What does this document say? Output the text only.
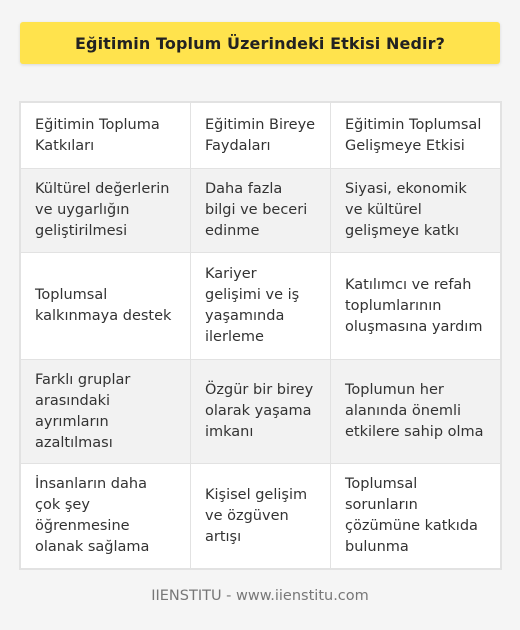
Eğitimin Toplum Üzerindeki Etkisi Nedir?
Eğitimin Topluma Katkıları	Eğitimin Bireye Faydaları	Eğitimin Toplumsal Gelişmeye Etkisi
Kültürel değerlerin ve uygarlığın geliştirilmesi	Daha fazla bilgi ve beceri edinme	Siyasi, ekonomik ve kültürel gelişmeye katkı
Toplumsal kalkınmaya destek	Kariyer gelişimi ve iş yaşamında ilerleme	Katılımcı ve refah toplumlarının oluşmasına yardım
Farklı gruplar arasındaki ayrımların azaltılması	Özgür bir birey olarak yaşama imkanı	Toplumun her alanında önemli etkilere sahip olma
İnsanların daha çok şey öğrenmesine olanak sağlama	Kişisel gelişim ve özgüven artışı	Toplumsal sorunların çözümüne katkıda bulunma
IIENSTITU - www.iienstitu.com
